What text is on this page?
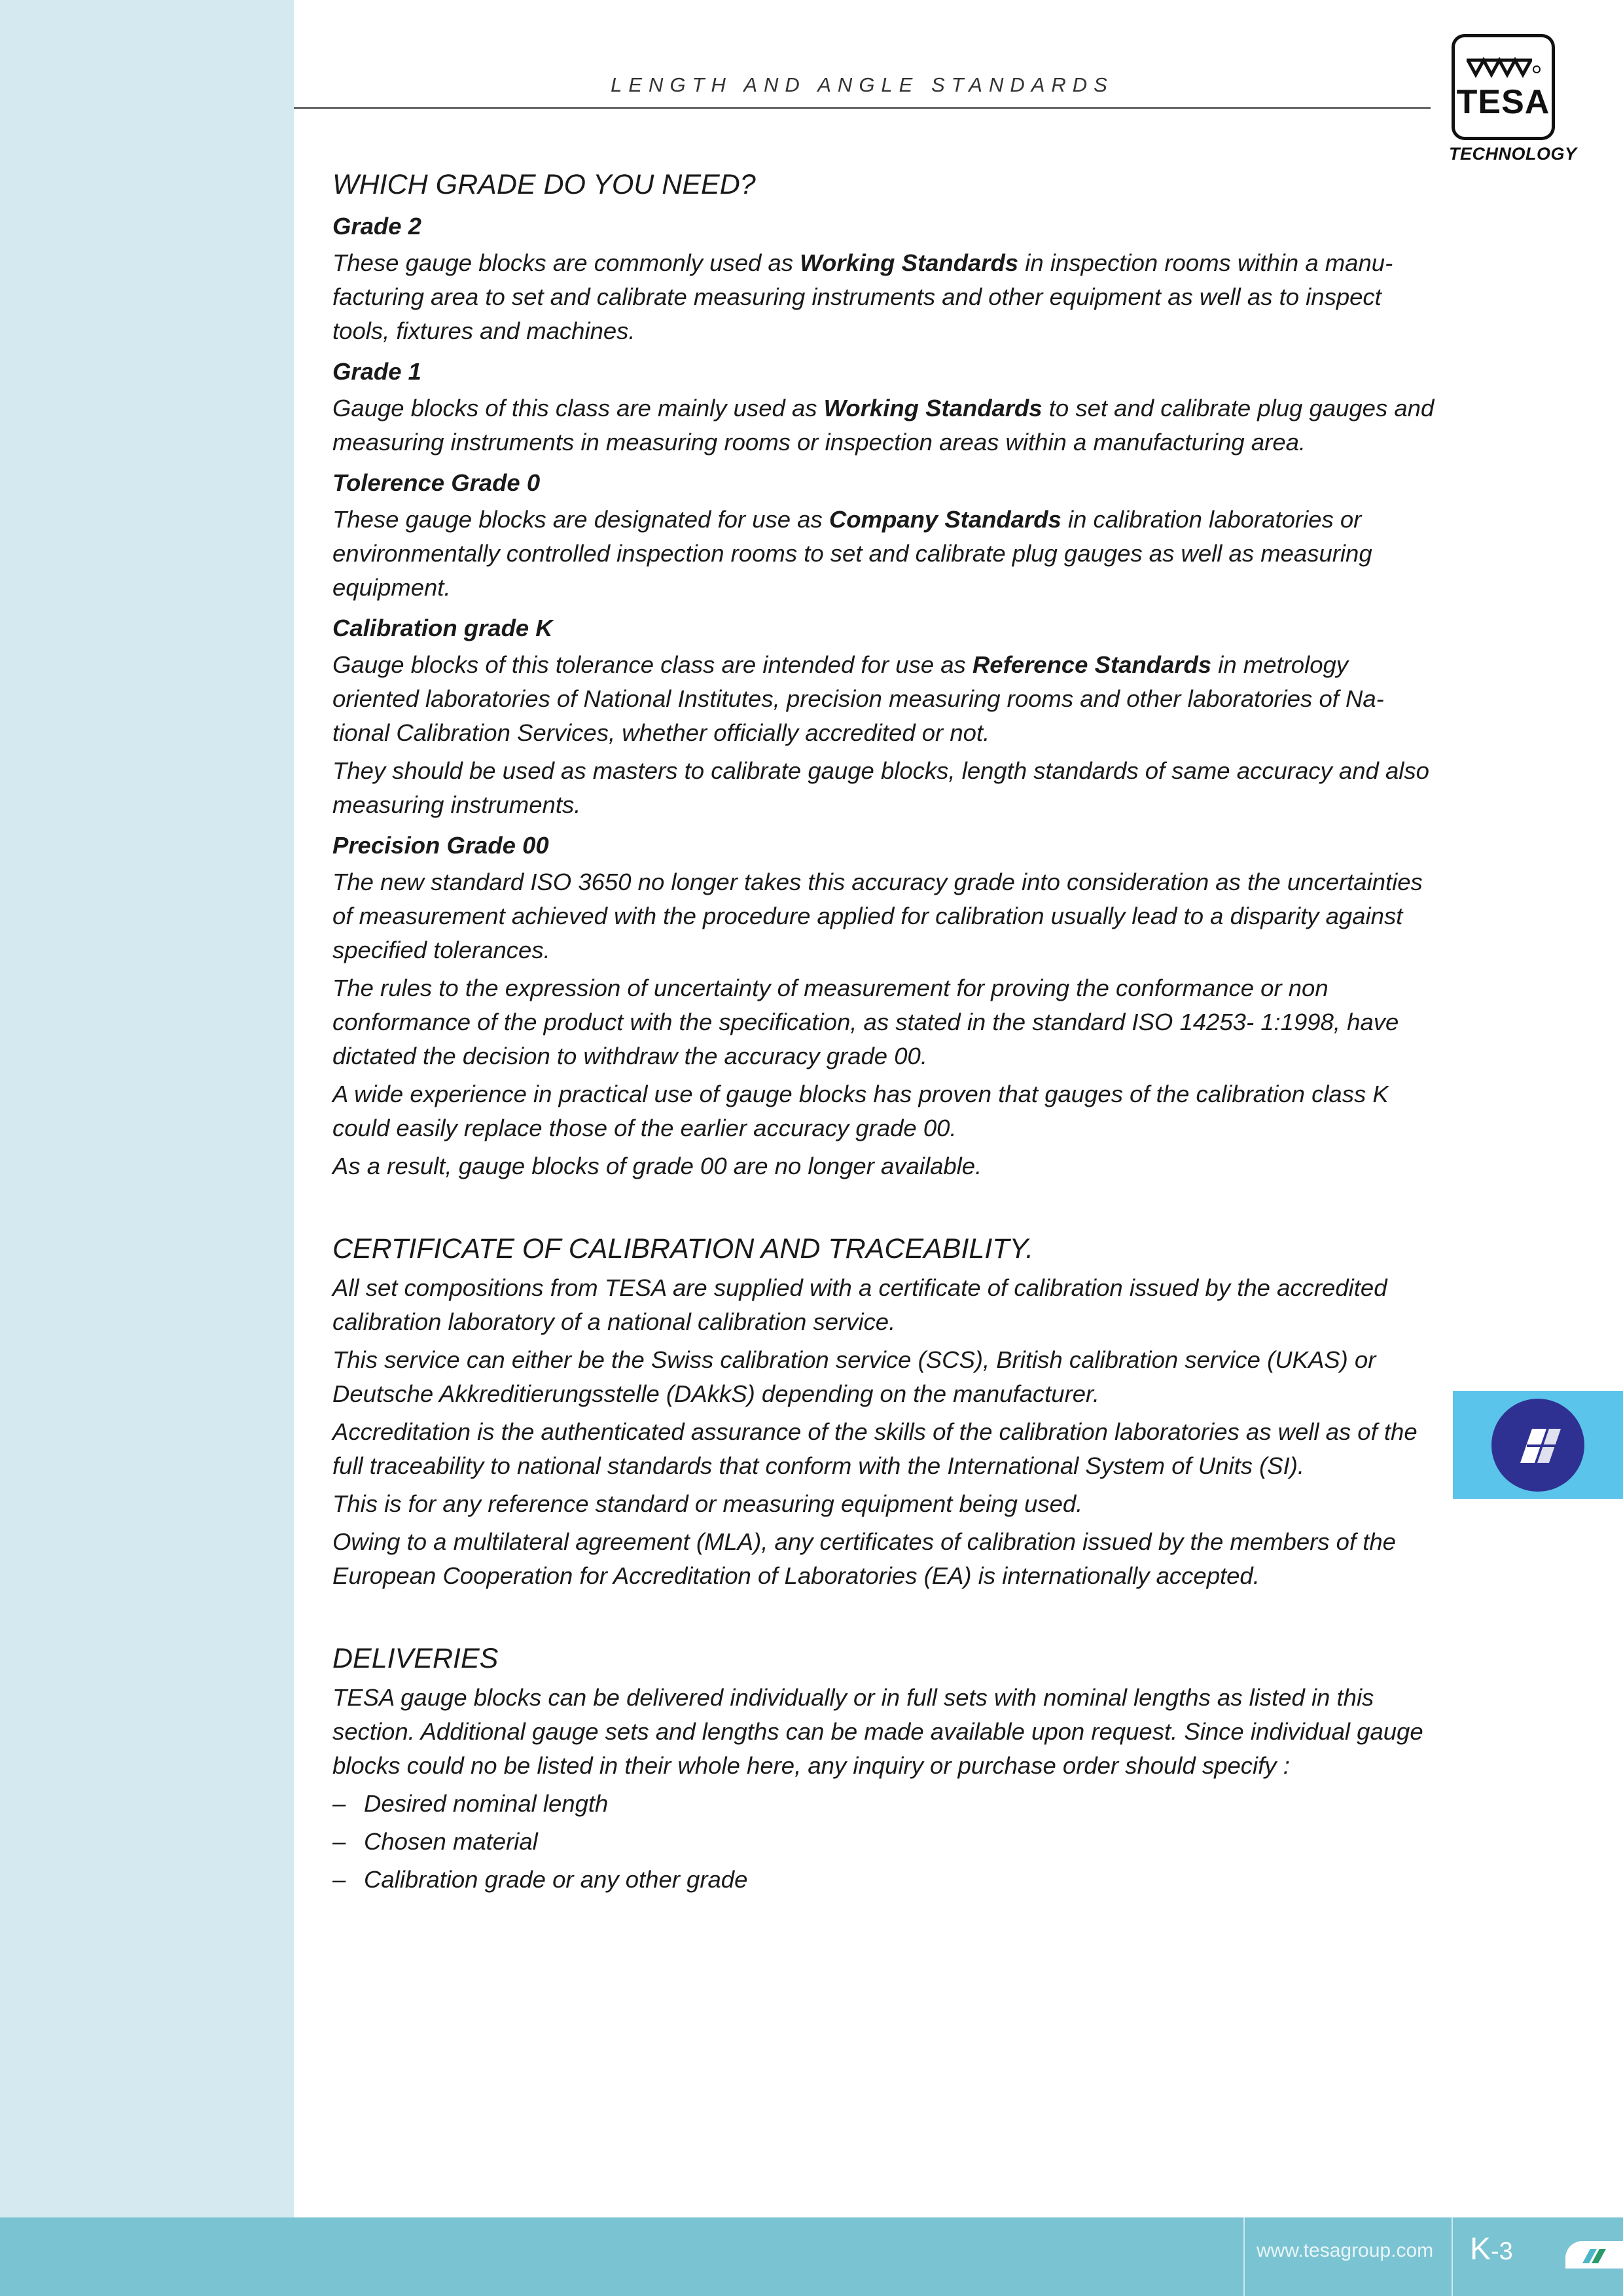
LENGTH AND ANGLE STANDARDS	TESA
TECHNOLOGY
WHICH GRADE DO YOU NEED?
Grade 2

These gauge blocks are commonly used as Working Standards in inspection rooms within a manu-facturing area to set and calibrate measuring instruments and other equipment as well as to inspect tools, fixtures and machines.

Grade 1

Gauge blocks of this class are mainly used as Working Standards to set and calibrate plug gauges and measuring instruments in measuring rooms or inspection areas within a manufacturing area.

Tolerence Grade 0

These gauge blocks are designated for use as Company Standards in calibration laboratories or environmentally controlled inspection rooms to set and calibrate plug gauges as well as measuring equipment.

Calibration grade K

Gauge blocks of this tolerance class are intended for use as Reference Standards in metrology oriented laboratories of National Institutes, precision measuring rooms and other laboratories of Na-tional Calibration Services, whether officially accredited or not.

They should be used as masters to calibrate gauge blocks, length standards of same accuracy and also measuring instruments.

Precision Grade 00

The new standard ISO 3650 no longer takes this accuracy grade into consideration as the uncertainties of measurement achieved with the procedure applied for calibration usually lead to a disparity against specified tolerances.

The rules to the expression of uncertainty of measurement for proving the conformance or non conformance of the product with the specification, as stated in the standard ISO 14253- 1:1998, have dictated the decision to withdraw the accuracy grade 00.

A wide experience in practical use of gauge blocks has proven that gauges of the calibration class K could easily replace those of the earlier accuracy grade 00.

As a result, gauge blocks of grade 00 are no longer available.

CERTIFICATE OF CALIBRATION AND TRACEABILITY.

All set compositions from TESA are supplied with a certificate of calibration issued by the accredited calibration laboratory of a national calibration service.

This service can either be the Swiss calibration service (SCS), British calibration service (UKAS) or Deutsche Akkreditierungsstelle (DAkkS) depending on the manufacturer.

Accreditation is the authenticated assurance of the skills of the calibration laboratories as well as of the full traceability to national standards that conform with the International System of Units (SI).

This is for any reference standard or measuring equipment being used.

Owing to a multilateral agreement (MLA), any certificates of calibration issued by the members of the European Cooperation for Accreditation of Laboratories (EA) is internationally accepted.

DELIVERIES

TESA gauge blocks can be delivered individually or in full sets with nominal lengths as listed in this section. Additional gauge sets and lengths can be made available upon request. Since individual gauge blocks could no be listed in their whole here, any inquiry or purchase order should specify :

– Desired nominal length
– Chosen material
– Calibration grade or any other grade
www.tesagroup.com K-3
